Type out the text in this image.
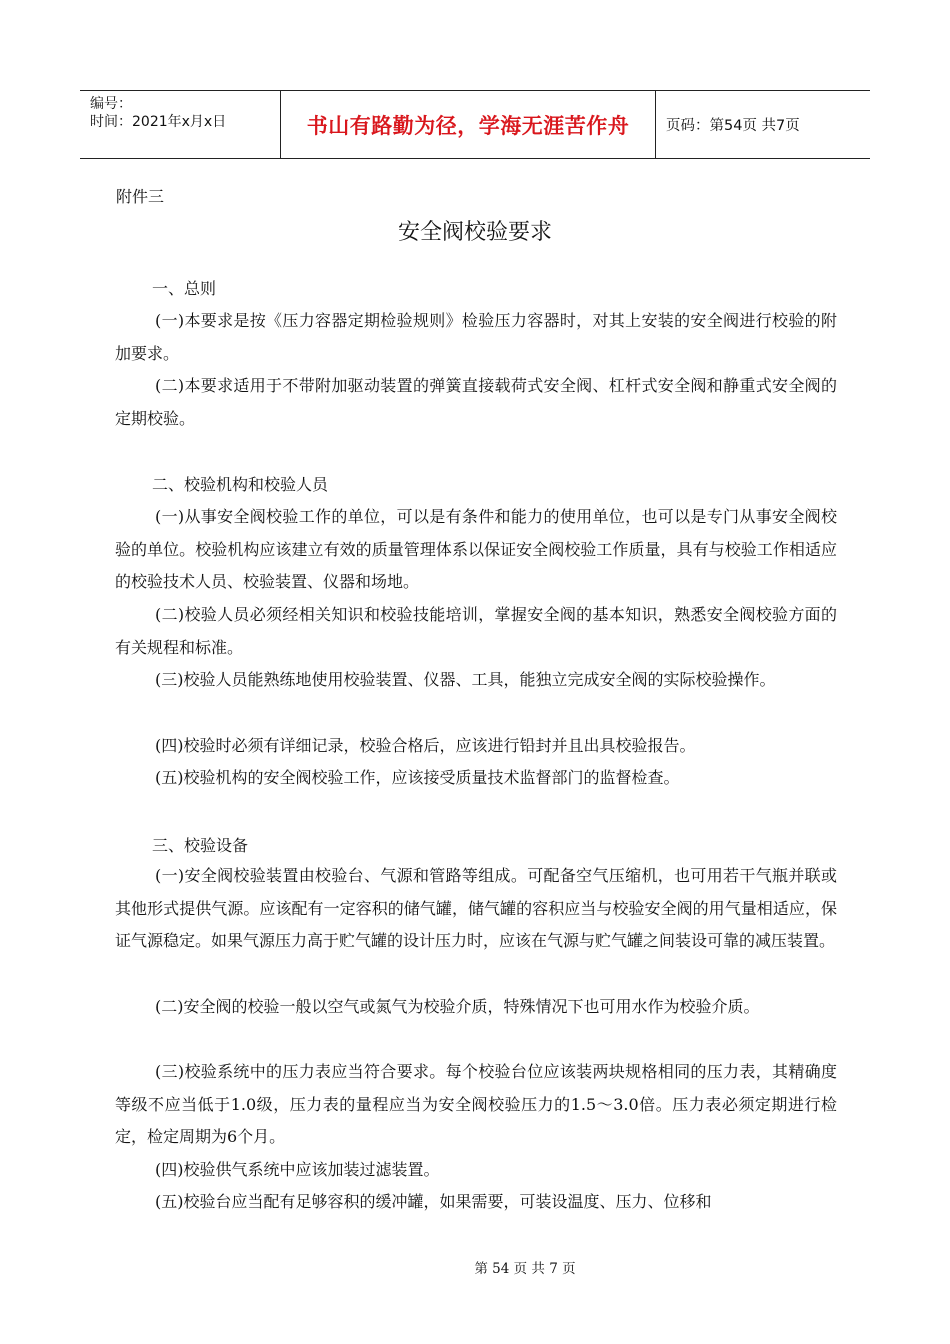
编号：
时间：2021年x月x日	书山有路勤为径，学海无涯苦作舟	页码：第54页 共7页
附件三
安全阀校验要求
一、总则
(一)本要求是按《压力容器定期检验规则》检验压力容器时，对其上安装的安全阀进行校验的附加要求。
(二)本要求适用于不带附加驱动装置的弹簧直接载荷式安全阀、杠杆式安全阀和静重式安全阀的定期校验。
二、校验机构和校验人员
(一)从事安全阀校验工作的单位，可以是有条件和能力的使用单位，也可以是专门从事安全阀校验的单位。校验机构应该建立有效的质量管理体系以保证安全阀校验工作质量，具有与校验工作相适应的校验技术人员、校验装置、仪器和场地。
(二)校验人员必须经相关知识和校验技能培训，掌握安全阀的基本知识，熟悉安全阀校验方面的有关规程和标准。
(三)校验人员能熟练地使用校验装置、仪器、工具，能独立完成安全阀的实际校验操作。
(四)校验时必须有详细记录，校验合格后，应该进行铅封并且出具校验报告。
(五)校验机构的安全阀校验工作，应该接受质量技术监督部门的监督检查。
三、校验设备
(一)安全阀校验装置由校验台、气源和管路等组成。可配备空气压缩机，也可用若干气瓶并联或其他形式提供气源。应该配有一定容积的储气罐，储气罐的容积应当与校验安全阀的用气量相适应，保证气源稳定。如果气源压力高于贮气罐的设计压力时，应该在气源与贮气罐之间装设可靠的减压装置。
(二)安全阀的校验一般以空气或氮气为校验介质，特殊情况下也可用水作为校验介质。
(三)校验系统中的压力表应当符合要求。每个校验台位应该装两块规格相同的压力表，其精确度等级不应当低于1.0级，压力表的量程应当为安全阀校验压力的1.5～3.0倍。压力表必须定期进行检定，检定周期为6个月。
(四)校验供气系统中应该加装过滤装置。
(五)校验台应当配有足够容积的缓冲罐，如果需要，可装设温度、压力、位移和
第 54 页 共 7 页
